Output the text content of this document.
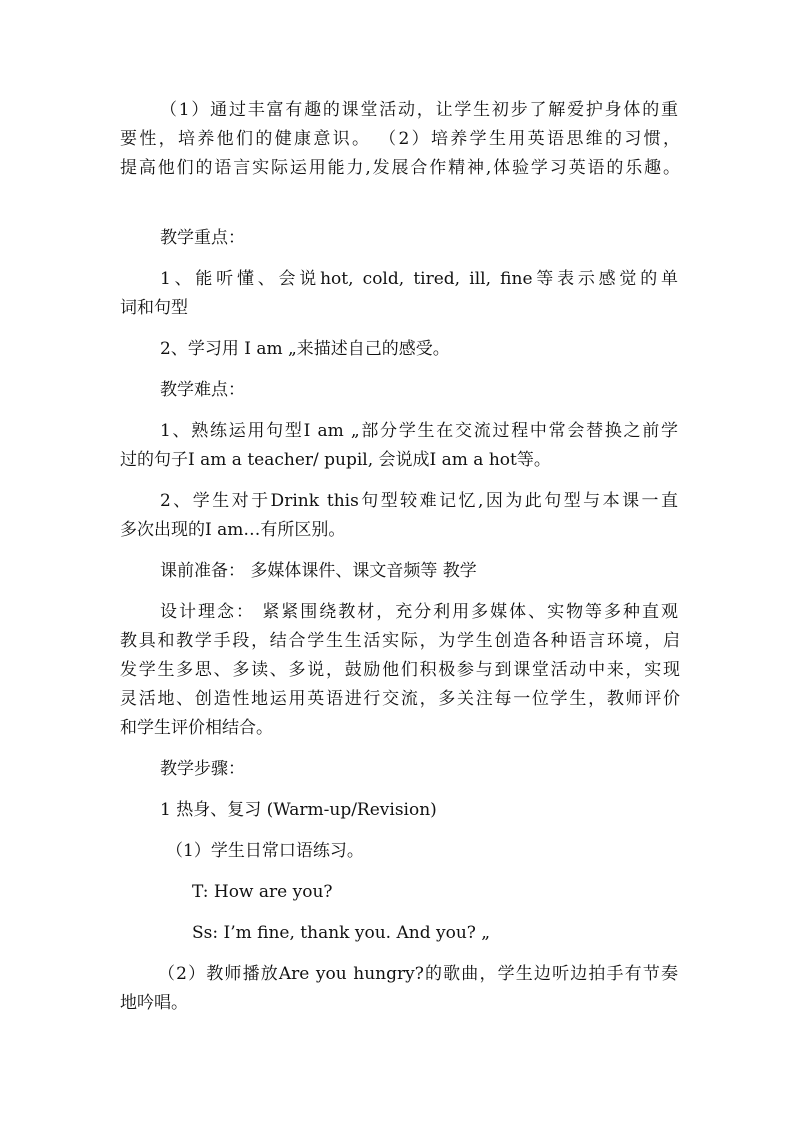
（1）通过丰富有趣的课堂活动，让学生初步了解爱护身体的重
要性，培养他们的健康意识。 （2）培养学生用英语思维的习惯，
提高他们的语言实际运用能力,发展合作精神,体验学习英语的乐趣。
教学重点：
1、能听懂、会说hot, cold, tired, ill, fine等表示感觉的单
词和句型
2、学习用 I am „来描述自己的感受。
教学难点：
1、熟练运用句型I am „部分学生在交流过程中常会替换之前学
过的句子I am a teacher/ pupil, 会说成I am a hot等。
2、学生对于Drink this句型较难记忆,因为此句型与本课一直
多次出现的I am…有所区别。
课前准备： 多媒体课件、课文音频等 教学
设计理念： 紧紧围绕教材，充分利用多媒体、实物等多种直观
教具和教学手段，结合学生生活实际，为学生创造各种语言环境，启
发学生多思、多读、多说，鼓励他们积极参与到课堂活动中来，实现
灵活地、创造性地运用英语进行交流，多关注每一位学生，教师评价
和学生评价相结合。
教学步骤：
1 热身、复习 (Warm-up/Revision)
（1）学生日常口语练习。
T: How are you?
Ss: I’m fine, thank you. And you? „
（2）教师播放Are you hungry?的歌曲，学生边听边拍手有节奏
地吟唱。
